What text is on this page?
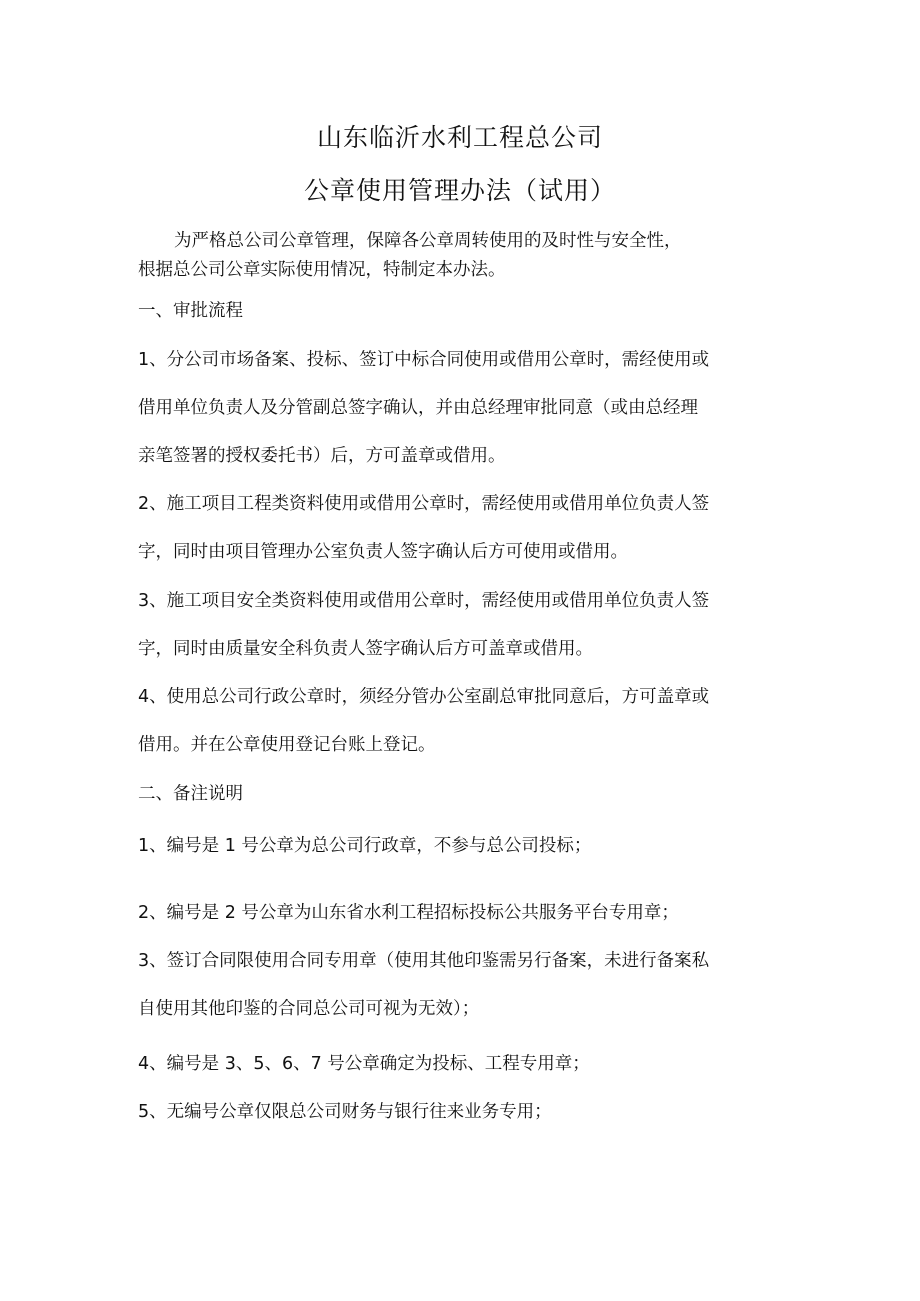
山东临沂水利工程总公司
公章使用管理办法（试用）

为严格总公司公章管理，保障各公章周转使用的及时性与安全性，
根据总公司公章实际使用情况，特制定本办法。

一、审批流程

1、分公司市场备案、投标、签订中标合同使用或借用公章时，需经使用或
借用单位负责人及分管副总签字确认，并由总经理审批同意（或由总经理
亲笔签署的授权委托书）后，方可盖章或借用。

2、施工项目工程类资料使用或借用公章时，需经使用或借用单位负责人签
字，同时由项目管理办公室负责人签字确认后方可使用或借用。

3、施工项目安全类资料使用或借用公章时，需经使用或借用单位负责人签
字，同时由质量安全科负责人签字确认后方可盖章或借用。

4、使用总公司行政公章时，须经分管办公室副总审批同意后，方可盖章或
借用。并在公章使用登记台账上登记。

二、备注说明

1、编号是 1 号公章为总公司行政章，不参与总公司投标；

2、编号是 2 号公章为山东省水利工程招标投标公共服务平台专用章；

3、签订合同限使用合同专用章（使用其他印鉴需另行备案，未进行备案私
自使用其他印鉴的合同总公司可视为无效）；

4、编号是 3、5、6、7 号公章确定为投标、工程专用章；

5、无编号公章仅限总公司财务与银行往来业务专用；
